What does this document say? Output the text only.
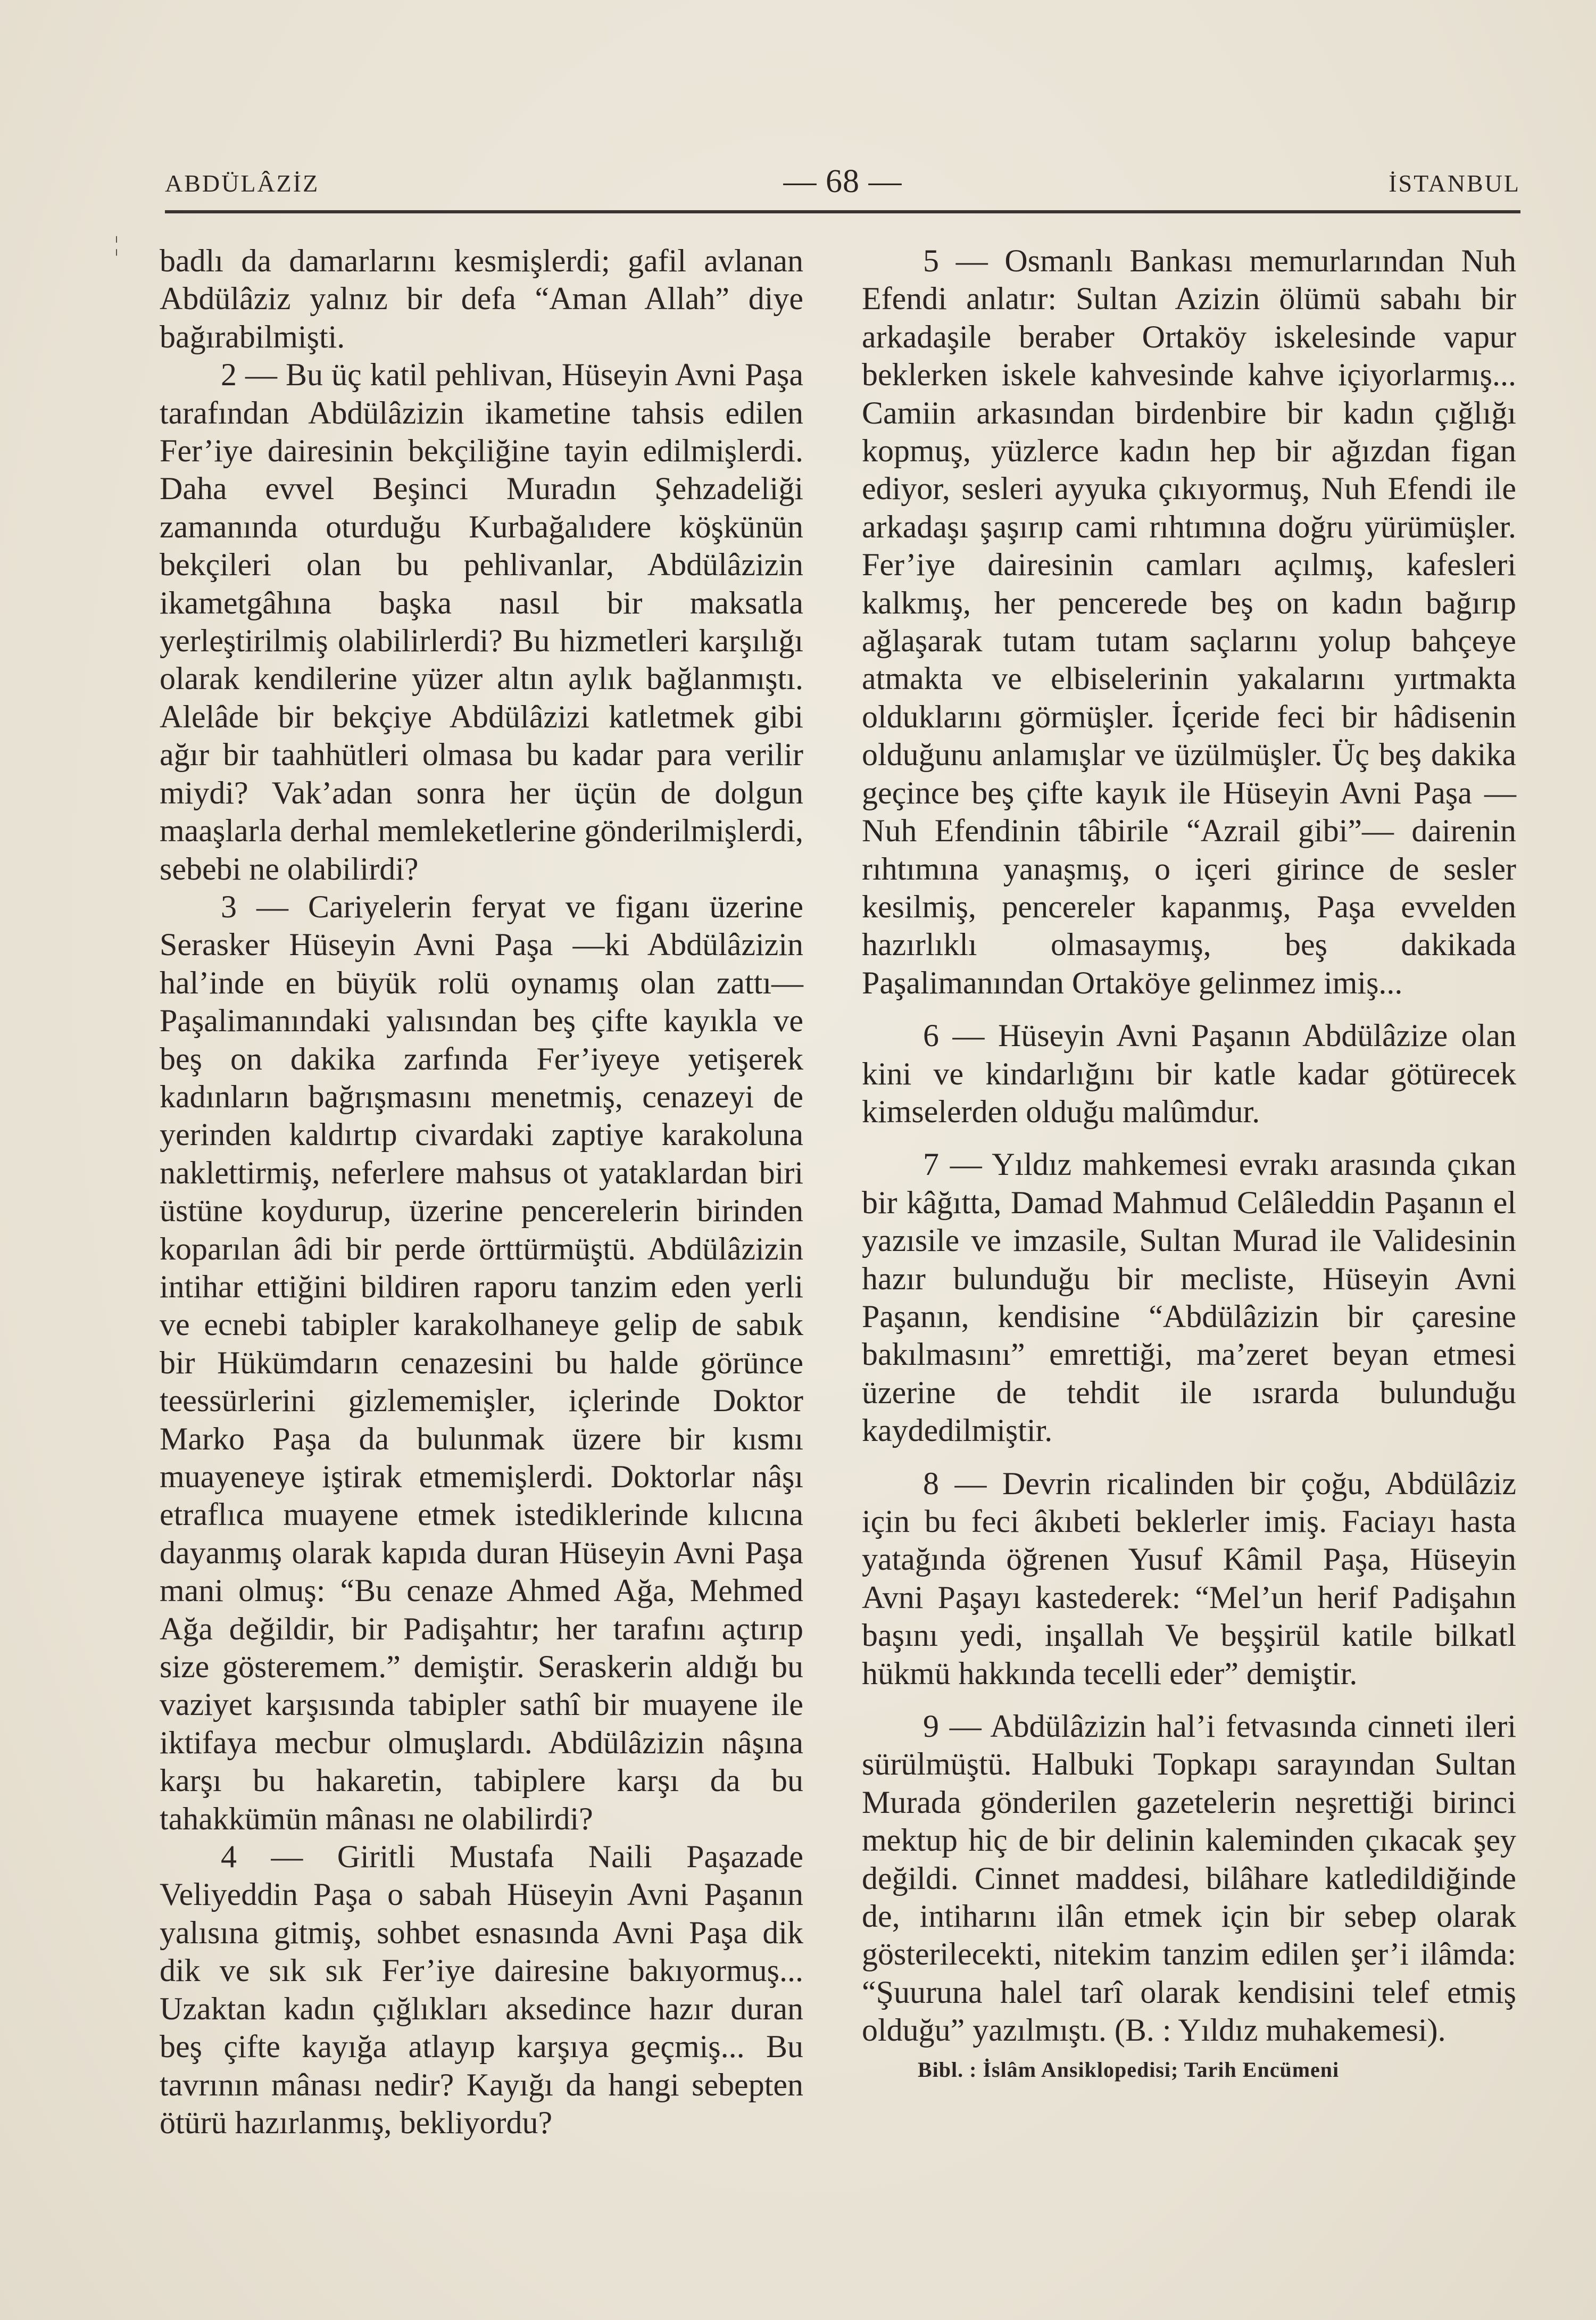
ABDÜLÂZİZ	— 68 —	İSTANBUL
¦ badlı da damarlarını kesmişlerdi; gafil avlanan Abdülâziz yalnız bir defa “Aman Allah” diye bağırabilmişti.

2 — Bu üç katil pehlivan, Hüseyin Avni Paşa tarafından Abdülâzizin ikametine tahsis edilen Fer’iye dairesinin bekçiliğine tayin edilmişlerdi. Daha evvel Beşinci Muradın Şehzadeliği zamanında oturduğu Kurbağalıdere köşkünün bekçileri olan bu pehlivanlar, Abdülâzizin ikametgâhına başka nasıl bir maksatla yerleştirilmiş olabilirlerdi? Bu hizmetleri karşılığı olarak kendilerine yüzer altın aylık bağlanmıştı. Alelâde bir bekçiye Abdülâzizi katletmek gibi ağır bir taahhütleri olmasa bu kadar para verilir miydi? Vak’adan sonra her üçün de dolgun maaşlarla derhal memleketlerine gönderilmişlerdi, sebebi ne olabilirdi?

3 — Cariyelerin feryat ve figanı üzerine Serasker Hüseyin Avni Paşa —ki Abdülâzizin hal’inde en büyük rolü oynamış olan zattı— Paşalimanındaki yalısından beş çifte kayıkla ve beş on dakika zarfında Fer’iyeye yetişerek kadınların bağrışmasını menetmiş, cenazeyi de yerinden kaldırtıp civardaki zaptiye karakoluna naklettirmiş, neferlere mahsus ot yataklardan biri üstüne koydurup, üzerine pencerelerin birinden koparılan âdi bir perde örttürmüştü. Abdülâzizin intihar ettiğini bildiren raporu tanzim eden yerli ve ecnebi tabipler karakolhaneye gelip de sabık bir Hükümdarın cenazesini bu halde görünce teessürlerini gizlememişler, içlerinde Doktor Marko Paşa da bulunmak üzere bir kısmı muayeneye iştirak etmemişlerdi. Doktorlar nâşı etraflıca muayene etmek istediklerinde kılıcına dayanmış olarak kapıda duran Hüseyin Avni Paşa mani olmuş: “Bu cenaze Ahmed Ağa, Mehmed Ağa değildir, bir Padişahtır; her tarafını açtırıp size gösteremem.” demiştir. Seraskerin aldığı bu vaziyet karşısında tabipler sathî bir muayene ile iktifaya mecbur olmuşlardı. Abdülâzizin nâşına karşı bu hakaretin, tabiplere karşı da bu tahakkümün mânası ne olabilirdi?

4 — Giritli Mustafa Naili Paşazade Veliyeddin Paşa o sabah Hüseyin Avni Paşanın yalısına gitmiş, sohbet esnasında Avni Paşa dik dik ve sık sık Fer’iye dairesine bakıyormuş... Uzaktan kadın çığlıkları aksedince hazır duran beş çifte kayığa atlayıp karşıya geçmiş... Bu tavrının mânası nedir? Kayığı da hangi sebepten ötürü hazırlanmış, bekliyordu?

5 — Osmanlı Bankası memurlarından Nuh Efendi anlatır: Sultan Azizin ölümü sabahı bir arkadaşile beraber Ortaköy iskelesinde vapur beklerken iskele kahvesinde kahve içiyorlarmış... Camiin arkasından birdenbire bir kadın çığlığı kopmuş, yüzlerce kadın hep bir ağızdan figan ediyor, sesleri ayyuka çıkıyormuş, Nuh Efendi ile arkadaşı şaşırıp cami rıhtımına doğru yürümüşler. Fer’iye dairesinin camları açılmış, kafesleri kalkmış, her pencerede beş on kadın bağırıp ağlaşarak tutam tutam saçlarını yolup bahçeye atmakta ve elbiselerinin yakalarını yırtmakta olduklarını görmüşler. İçeride feci bir hâdisenin olduğunu anlamışlar ve üzülmüşler. Üç beş dakika geçince beş çifte kayık ile Hüseyin Avni Paşa —Nuh Efendinin tâbirile “Azrail gibi”— dairenin rıhtımına yanaşmış, o içeri girince de sesler kesilmiş, pencereler kapanmış, Paşa evvelden hazırlıklı olmasaymış, beş dakikada Paşalimanından Ortaköye gelinmez imiş...

6 — Hüseyin Avni Paşanın Abdülâzize olan kini ve kindarlığını bir katle kadar götürecek kimselerden olduğu malûmdur.

7 — Yıldız mahkemesi evrakı arasında çıkan bir kâğıtta, Damad Mahmud Celâleddin Paşanın el yazısile ve imzasile, Sultan Murad ile Validesinin hazır bulunduğu bir mecliste, Hüseyin Avni Paşanın, kendisine “Abdülâzizin bir çaresine bakılmasını” emrettiği, ma’zeret beyan etmesi üzerine de tehdit ile ısrarda bulunduğu kaydedilmiştir.

8 — Devrin ricalinden bir çoğu, Abdülâziz için bu feci âkıbeti beklerler imiş. Faciayı hasta yatağında öğrenen Yusuf Kâmil Paşa, Hüseyin Avni Paşayı kastederek: “Mel’un herif Padişahın başını yedi, inşallah Ve beşşirül katile bilkatl hükmü hakkında tecelli eder” demiştir.

9 — Abdülâzizin hal’i fetvasında cinneti ileri sürülmüştü. Halbuki Topkapı sarayından Sultan Murada gönderilen gazetelerin neşrettiği birinci mektup hiç de bir delinin kaleminden çıkacak şey değildi. Cinnet maddesi, bilâhare katledildiğinde de, intiharını ilân etmek için bir sebep olarak gösterilecekti, nitekim tanzim edilen şer’i ilâmda: “Şuuruna halel tarî olarak kendisini telef etmiş olduğu” yazılmıştı. (B. : Yıldız muhakemesi).

Bibl. : İslâm Ansiklopedisi; Tarih Encümeni
